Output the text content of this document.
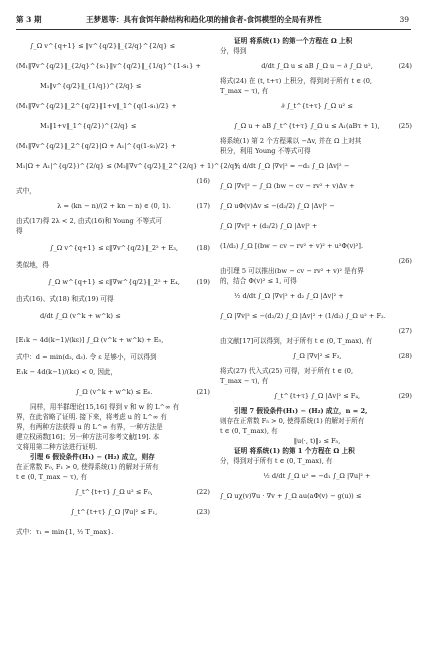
第 3 期	王梦恩等：具有食饵年龄结构和趋化项的捕食者-食饵模型的全局有界性	39
∫_Ω v^{q+1} ≤ ‖v^{q/2}‖_{2/q}^{2/q} ≤
(M₁‖∇v^{q/2}‖_{2/q}^{s₁}‖v^{q/2}‖_{1/q}^{1-s₁} +
M₁‖v^{q/2}‖_{1/q})^{2/q} ≤
(M₁‖∇v^{q/2}‖_2^{q/2}‖1+v‖_1^{q(1-s₁)/2} +
M₁‖1+v‖_1^{q/2})^{2/q} ≤
(M₁‖∇v^{q/2}‖_2^{q/2}|Ω + A₁|^{q(1-s₁)/2} +
M₁|Ω + A₁|^{q/2})^{2/q} ≤ (M₂‖∇v^{q/2}‖_2^{2/q} + 1)^{2/q},
(16)
式中，
λ = (kn − n)/(2 + kn − n) ∈ (0, 1).	(17)
由式(17)得 2λ < 2, 由式(16)和 Young 不等式可
得
∫_Ω v^{q+1} ≤ ε‖∇v^{q/2}‖_2² + E₃,	(18)
类似地，得
∫_Ω w^{q+1} ≤ ε‖∇w^{q/2}‖_2² + E₄,	(19)
由式(16)、式(18) 和式(19) 可得
d/dt ∫_Ω (v^k + w^k) ≤
[E₁k − 4d(k−1)/(kε)] ∫_Ω (v^k + w^k) + E₅,
式中：d = min(d₂, d₃). 令 ε 足够小，可以得到
E₁k − 4d(k−1)/(kε) < 0, 因此，
∫_Ω (v^k + w^k) ≤ E₆.	(21)
同样，用半群理论[15,16] 得到 v 和 w 的 L^∞ 有
界，在此省略了证明. 接下来，将考虑 u 的 L^∞ 有
界，有两种方法获得 u 的 L^∞ 有界，一种方法是
建立权函数[16]；另一种方法可参考文献[19]. 本
文将用第二种方法进行证明.
引理 6 假设条件(H₁) − (H₂) 成立，则存
在正常数 F₀, F₁ > 0, 使得系统(1) 的解对于所有
t ∈ (0, T_max − τ), 有
∫_t^{t+τ} ∫_Ω u² ≤ F₀,	(22)
∫_t^{t+τ} ∫_Ω |∇u|² ≤ F₁,	(23)
式中：τ₁ = min{1, ½ T_max}.
证明 将系统(1) 的第一个方程在 Ω 上积
分，得到
d/dt ∫_Ω u ≤ aB ∫_Ω u − ∂ ∫_Ω u²,	(24)
将式(24) 在 (t, t+τ) 上积分，得到对于所有 t ∈ (0,
T_max − τ), 有
∂ ∫_t^{t+τ} ∫_Ω u² ≤
∫_Ω u + aB ∫_t^{t+τ} ∫_Ω u ≤ A₁(aBτ + 1),	(25)
将系统(1) 第 2 个方程乘以 −Δv, 并在 Ω 上对其
积分，利用 Young 不等式可得
½ d/dt ∫_Ω |∇v|² = −d₂ ∫_Ω |Δv|² −
∫_Ω |∇v|² − ∫_Ω (bw − cv − rv² + v)Δv +
∫_Ω uΦ(v)Δv ≤ −(d₂/2) ∫_Ω |Δv|² −
∫_Ω |∇v|² + (d₂/2) ∫_Ω |Δv|² +
(1/d₂) ∫_Ω [(bw − cv − rv² + v)² + u²Φ(v)²].
(26)
由引理 5 可以推出(bw − cv − rv² + v)² 是有界
的，结合 Φ(v)² ≤ 1, 可得
½ d/dt ∫_Ω |∇v|² + d₂ ∫_Ω |Δv|² +
∫_Ω |∇v|² ≤ −(d₂/2) ∫_Ω |Δv|² + (1/d₂) ∫_Ω u² + F₂.
(27)
由文献[17]可以得到，对于所有 t ∈ (0, T_max), 有
∫_Ω |∇v|² ≤ F₃,	(28)
将式(27) 代入式(25) 可得，对于所有 t ∈ (0,
T_max − τ), 有
∫_t^{t+τ} ∫_Ω |Δv|² ≤ F₄,	(29)
引理 7 假设条件(H₁) − (H₂) 成立，n = 2,
则存在正常数 F₅ > 0, 使得系统(1) 的解对于所有
t ∈ (0, T_max), 有
‖u(·, t)‖₂ ≤ F₅,
证明 将系统(1) 的第 1 个方程在 Ω 上积
分，得到对于所有 t ∈ (0, T_max), 有
½ d/dt ∫_Ω u² = −d₁ ∫_Ω |∇u|² +
∫_Ω uχ(v)∇u · ∇v + ∫_Ω au(aΦ(v) − g(u)) ≤
